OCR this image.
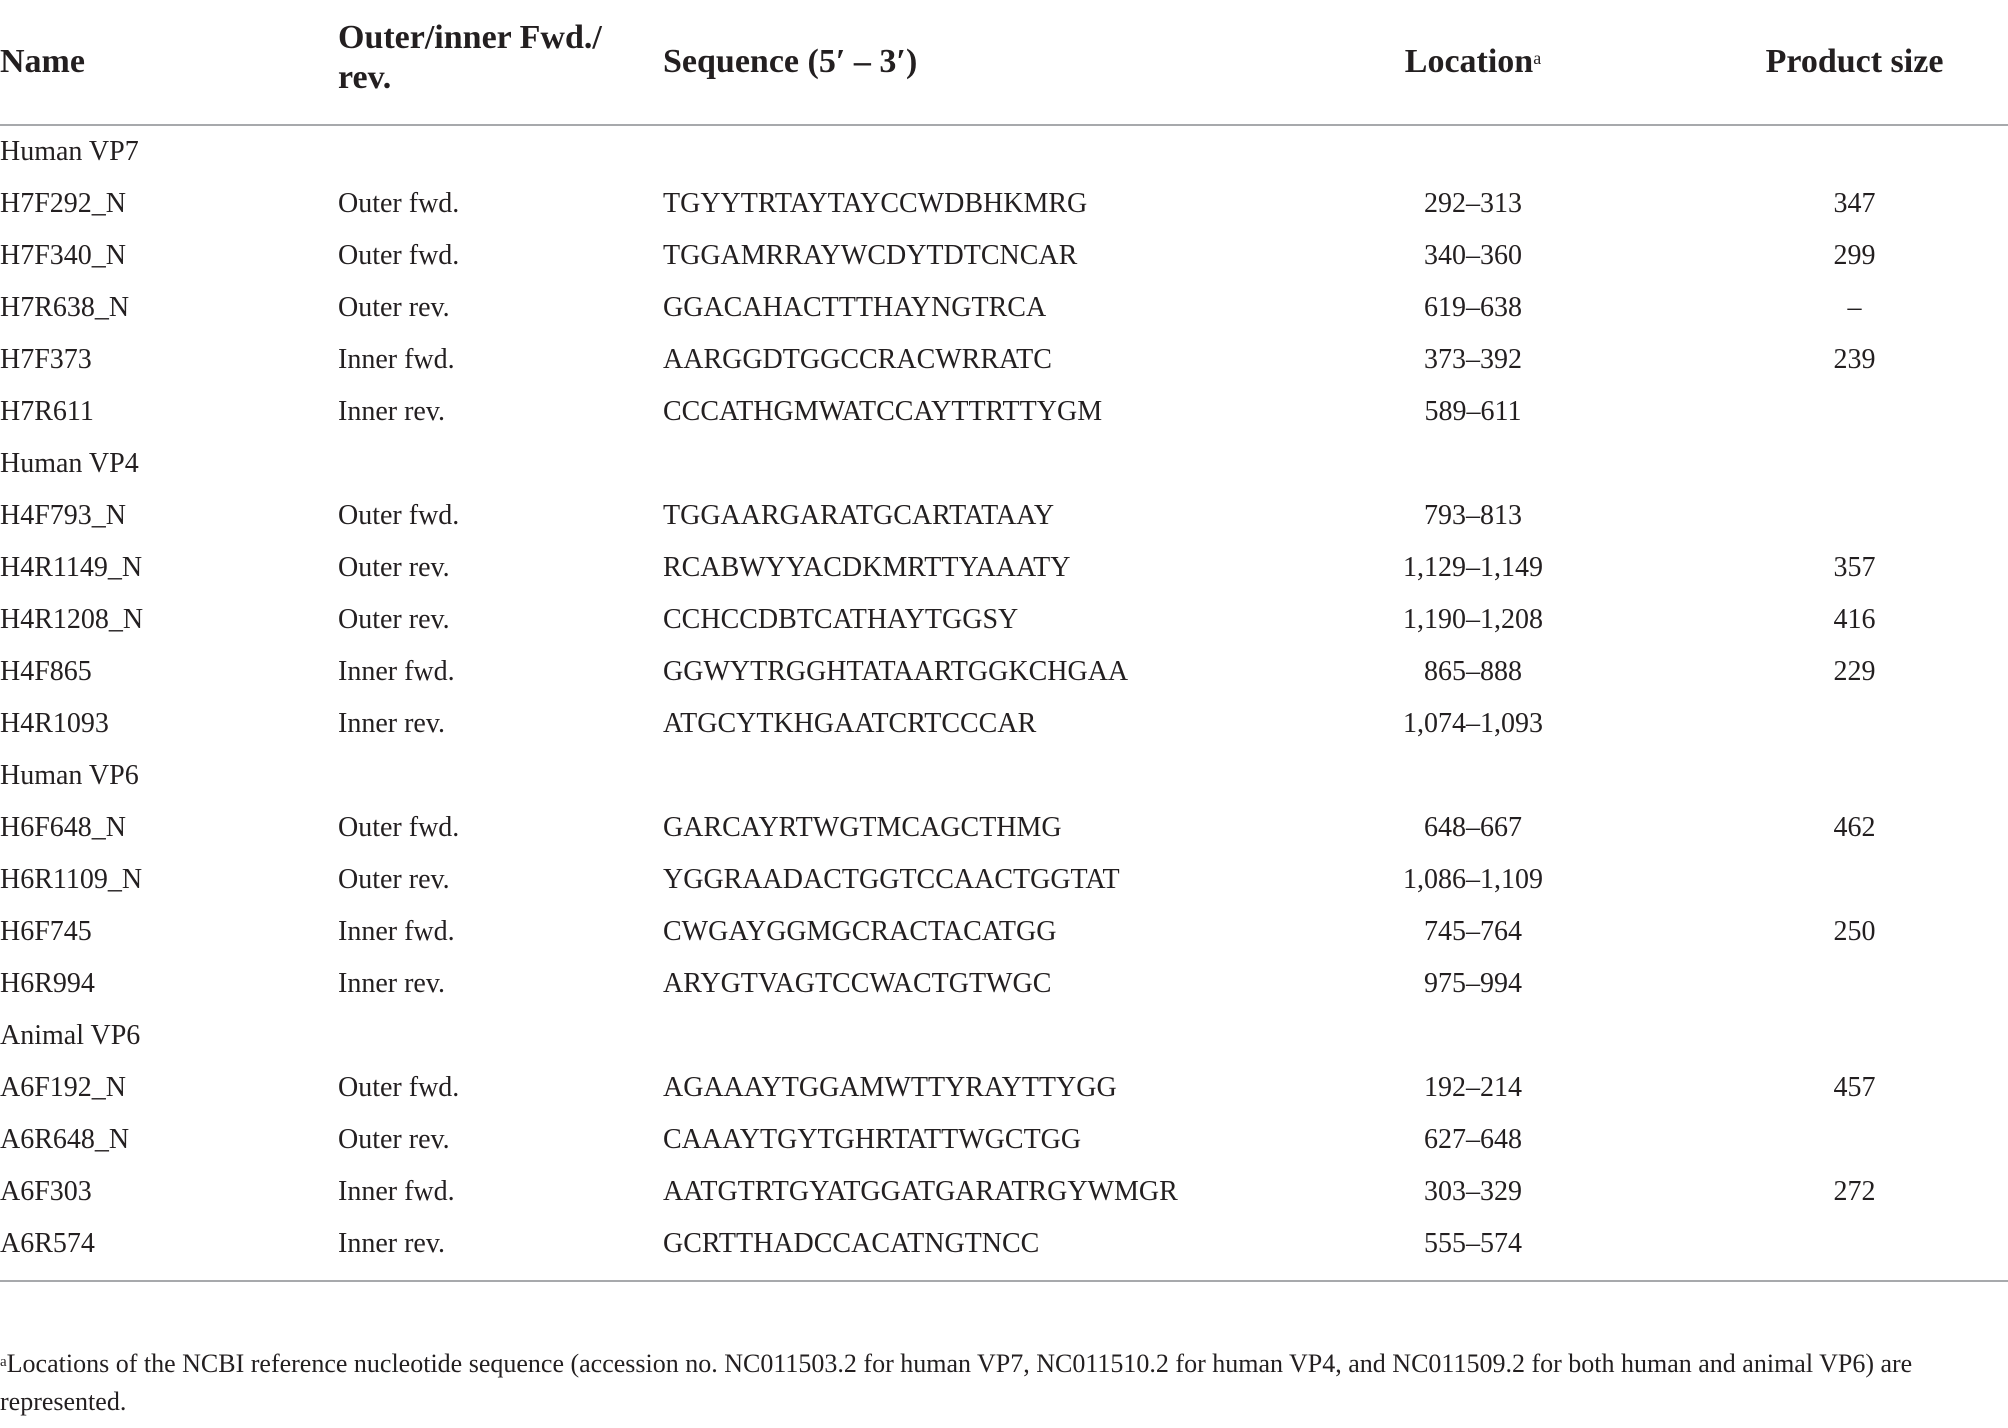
Name	Outer/inner Fwd./
rev.	Sequence (5′ – 3′)	Location$^a$	Product size
Human VP7				
H7F292_N	Outer fwd.	TGYYTRTAYTAYCCWDBHKMRG	292–313	347
H7F340_N	Outer fwd.	TGGAMRRAYWCDYTDTCNCAR	340–360	299
H7R638_N	Outer rev.	GGACAHACTTTHAYNGTRCA	619–638	–
H7F373	Inner fwd.	AARGGDTGGCCRACWRRATC	373–392	239
H7R611	Inner rev.	CCCATHGMWATCCAYTTRTTYGM	589–611	
Human VP4				
H4F793_N	Outer fwd.	TGGAARGARATGCARTATAAY	793–813	
H4R1149_N	Outer rev.	RCABWYYACDKMRTTYAAATY	1,129–1,149	357
H4R1208_N	Outer rev.	CCHCCDBTCATHAYTGGSY	1,190–1,208	416
H4F865	Inner fwd.	GGWYTRGGHTATAARTGGKCHGAA	865–888	229
H4R1093	Inner rev.	ATGCYTKHGAATCRTCCCAR	1,074–1,093	
Human VP6				
H6F648_N	Outer fwd.	GARCAYRTWGTMCAGCTHMG	648–667	462
H6R1109_N	Outer rev.	YGGRAADACTGGTCCAACTGGTAT	1,086–1,109	
H6F745	Inner fwd.	CWGAYGGMGCRACTACATGG	745–764	250
H6R994	Inner rev.	ARYGTVAGTCCWACTGTWGC	975–994	
Animal VP6				
A6F192_N	Outer fwd.	AGAAAYTGGAMWTTYRAYTTYGG	192–214	457
A6R648_N	Outer rev.	CAAAYTGYTGHRTATTWGCTGG	627–648	
A6F303	Inner fwd.	AATGTRTGYATGGATGARATRGYWMGR	303–329	272
A6R574	Inner rev.	GCRTTHADCCACATNGTNCC	555–574	
$^a$Locations of the NCBI reference nucleotide sequence (accession no. NC011503.2 for human VP7, NC011510.2 for human VP4, and NC011509.2 for both human and animal VP6) are represented.
